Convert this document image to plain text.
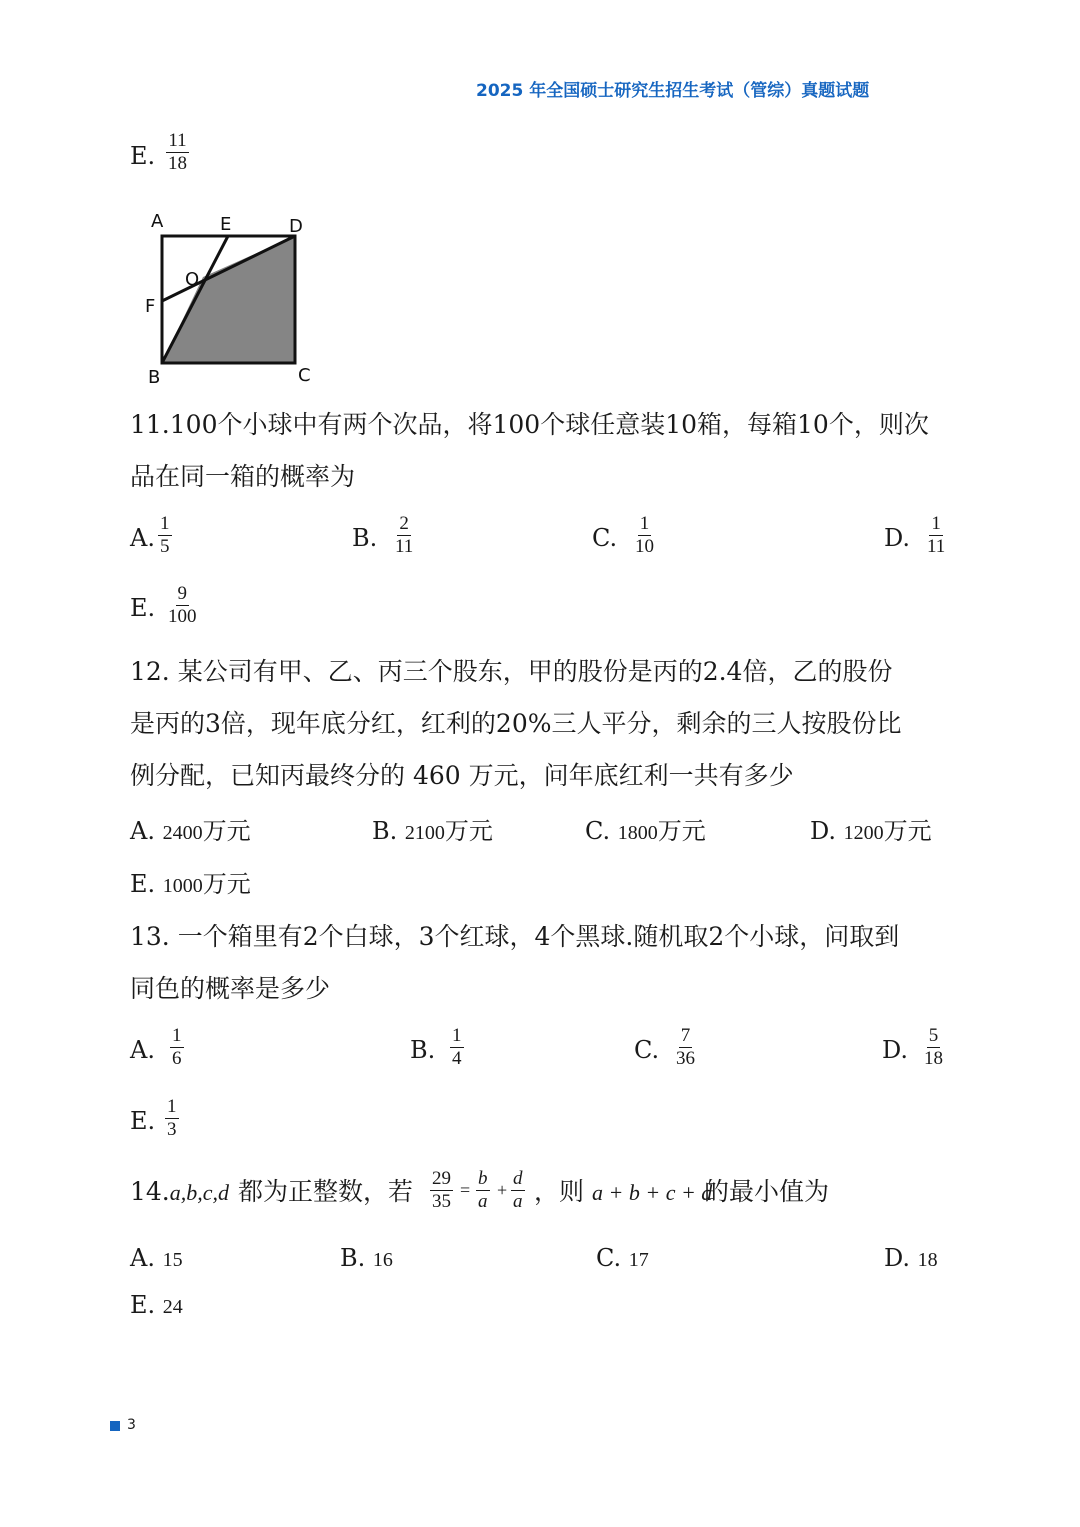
2025 年全国硕士研究生招生考试（管综）真题试题
E. $\frac{11}{18}$
A	E	D
O
F
B	C
11.100个小球中有两个次品，将100个球任意装10箱，每箱10个，则次
品在同一箱的概率为
A. $\frac{1}{5}$	B. $\frac{2}{11}$	C. $\frac{1}{10}$	D. $\frac{1}{11}$
E. $\frac{9}{100}$
12. 某公司有甲、乙、丙三个股东，甲的股份是丙的2.4倍，乙的股份
是丙的3倍，现年底分红，红利的20%三人平分，剩余的三人按股份比
例分配，已知丙最终分的 460 万元，问年底红利一共有多少
A. 2400万元	B. 2100万元	C. 1800万元	D. 1200万元
E. 1000万元
13. 一个箱里有2个白球，3个红球，4个黑球.随机取2个小球，问取到
同色的概率是多少
A. $\frac{1}{6}$	B. $\frac{1}{4}$	C. $\frac{7}{36}$	D. $\frac{5}{18}$
E. $\frac{1}{3}$
14.a,b,c,d 都为正整数，若 $\frac{29}{35} = \frac{b}{a} + \frac{d}{a}$ ，则 a + b + c + d
的最小值为
A. 15	B. 16	C. 17	D. 18
E. 24
3
